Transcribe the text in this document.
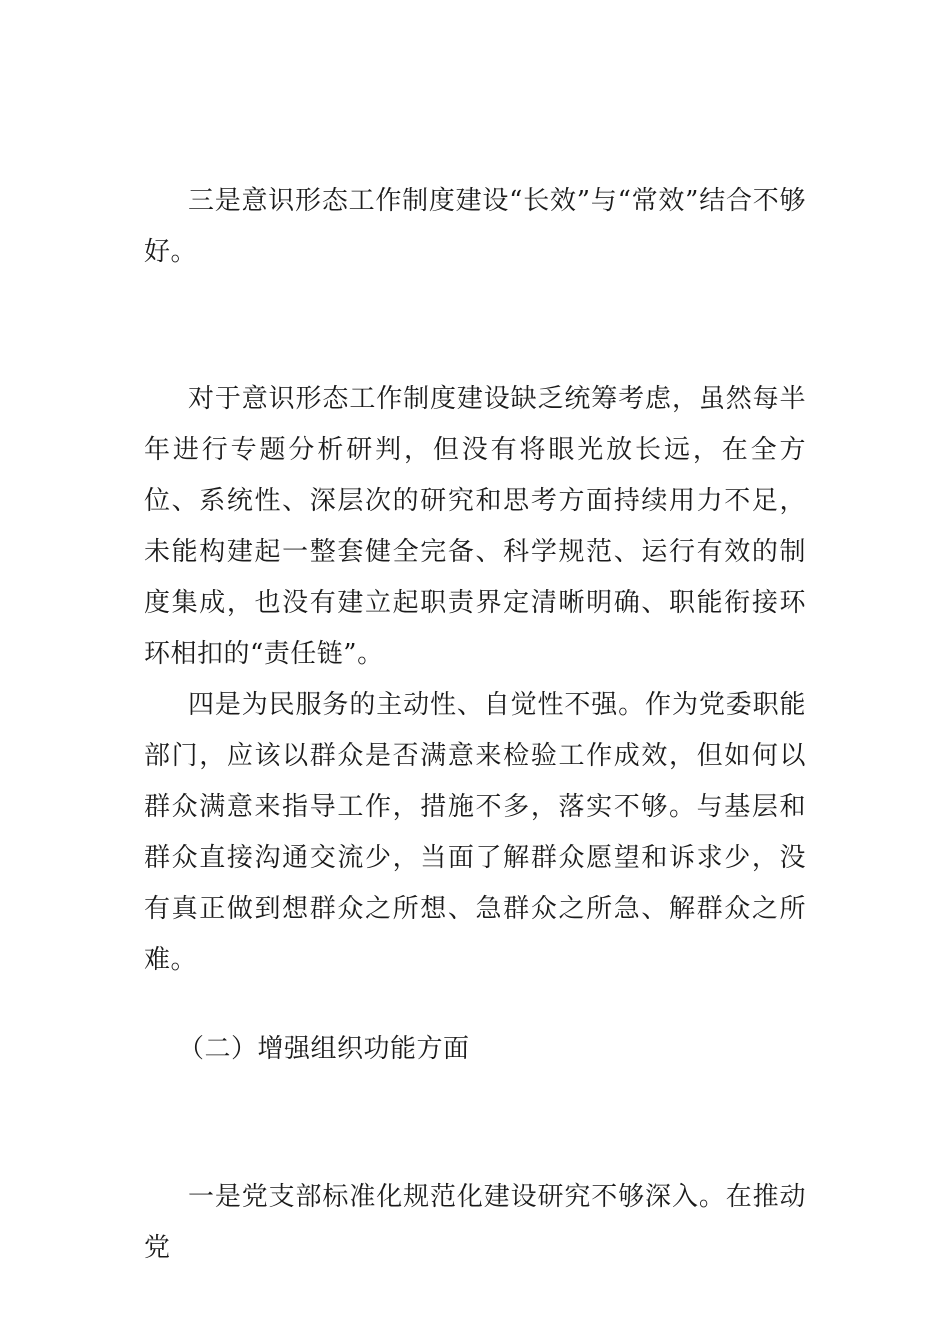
三是意识形态工作制度建设“长效”与“常效”结合不够好。

对于意识形态工作制度建设缺乏统筹考虑，虽然每半年进行专题分析研判，但没有将眼光放长远，在全方位、系统性、深层次的研究和思考方面持续用力不足，未能构建起一整套健全完备、科学规范、运行有效的制度集成，也没有建立起职责界定清晰明确、职能衔接环环相扣的“责任链”。

四是为民服务的主动性、自觉性不强。作为党委职能部门，应该以群众是否满意来检验工作成效，但如何以群众满意来指导工作，措施不多，落实不够。与基层和群众直接沟通交流少，当面了解群众愿望和诉求少，没有真正做到想群众之所想、急群众之所急、解群众之所难。

（二）增强组织功能方面

一是党支部标准化规范化建设研究不够深入。在推动党
